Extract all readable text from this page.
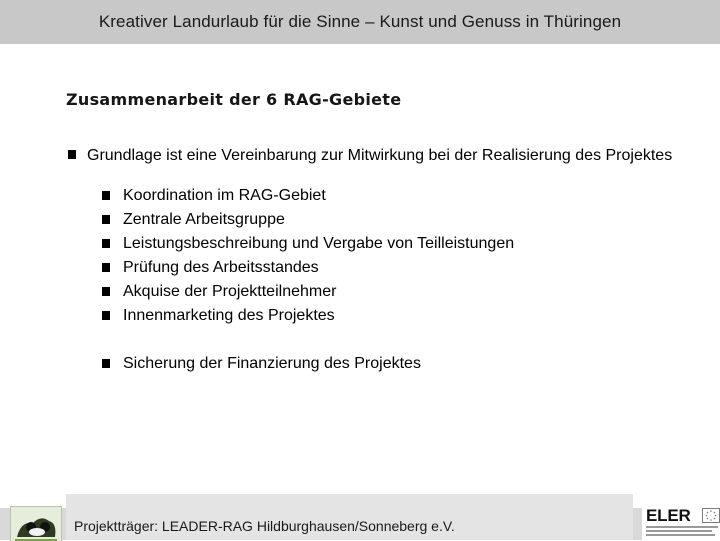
Kreativer Landurlaub für die Sinne – Kunst und Genuss in Thüringen
Zusammenarbeit der 6 RAG-Gebiete
Grundlage ist eine Vereinbarung zur Mitwirkung bei der Realisierung des Projektes
Koordination im RAG-Gebiet
Zentrale Arbeitsgruppe
Leistungsbeschreibung und Vergabe von Teilleistungen
Prüfung des Arbeitsstandes
Akquise der Projektteilnehmer
Innenmarketing des Projektes
Sicherung der Finanzierung des Projektes
Projektträger: LEADER-RAG Hildburghausen/Sonneberg e.V.
ELER
